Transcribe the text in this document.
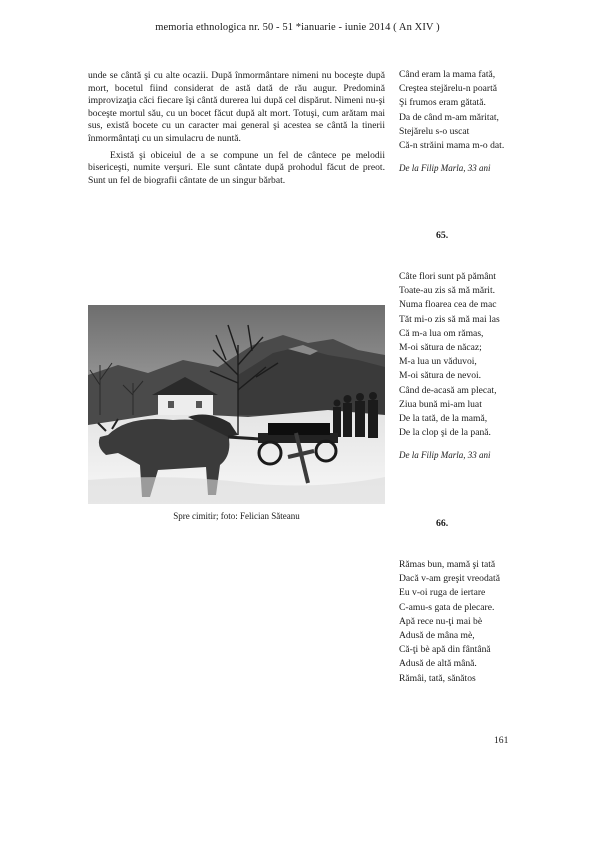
memoria ethnologica nr. 50 - 51 *ianuarie - iunie 2014 ( An XIV )

unde se cântă şi cu alte ocazii. După înmormântare nimeni nu boceşte după mort, bocetul fiind considerat de astă dată de rău augur. Predomină improvizaţia căci fiecare îşi cântă durerea lui după cel dispărut. Nimeni nu-şi boceşte mortul său, cu un bocet făcut după alt mort. Totuşi, cum arătam mai sus, există bocete cu un caracter mai general şi acestea se cântă la tinerii înmormântaţi cu un simulacru de nuntă.

Există şi obiceiul de a se compune un fel de cântece pe melodii bisericeşti, numite verşuri. Ele sunt cântate după prohodul făcut de preot. Sunt un fel de biografii cântate de un singur bărbat.

Spre cimitir; foto: Felician Săteanu
Când eram la mama fată,
Creştea stejărelu-n poartă
Şi frumos eram gătată.
Da de când m-am măritat,
Stejărelu s-o uscat
Că-n străini mama m-o dat.
De la Filip Marla, 33 ani
65.
Câte flori sunt pă pământ
Toate-au zis să mă mărit.
Numa floarea cea de mac
Tăt mi-o zis să mă mai las
Că m-a lua om rămas,
M-oi sătura de năcaz;
M-a lua un văduvoi,
M-oi sătura de nevoi.
Când de-acasă am plecat,
Ziua bună mi-am luat
De la tată, de la mamă,
De la clop şi de la pană.
De la Filip Marla, 33 ani
66.
Rămas bun, mamă şi tată
Dacă v-am greşit vreodată
Eu v-oi ruga de iertare
C-amu-s gata de plecare.
Apă rece nu-ţi mai bè
Adusă de mâna mè,
Că-ţi bè apă din fântână
Adusă de altă mână.
Rămâi, tată, sănătos
161
